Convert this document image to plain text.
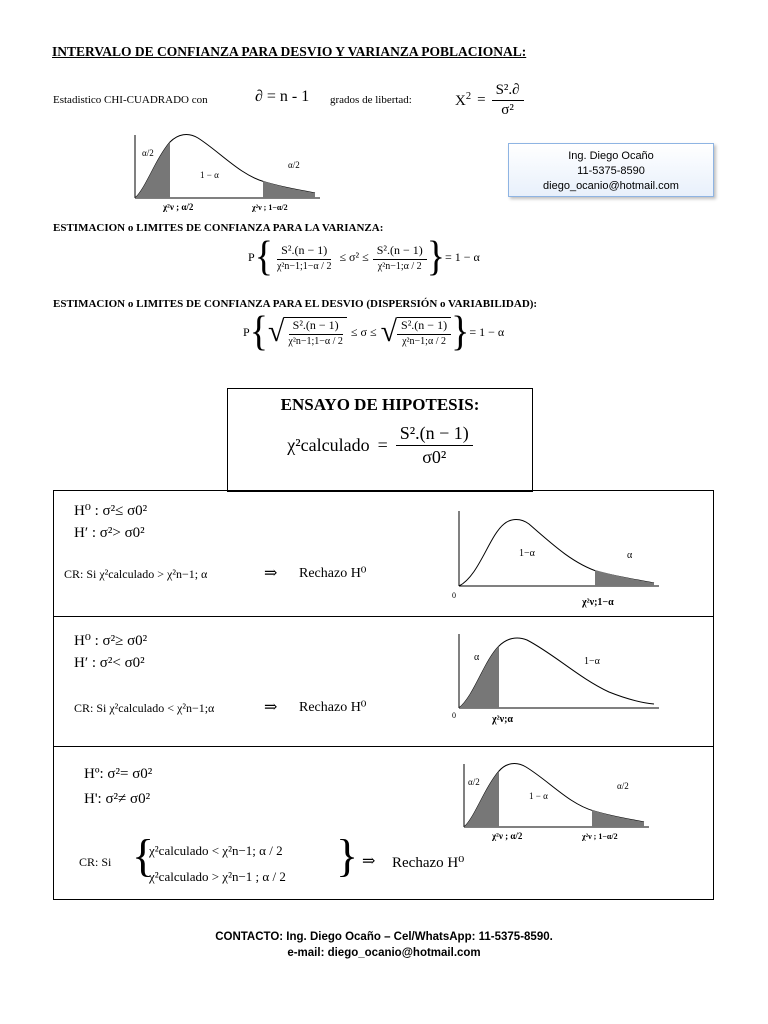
INTERVALO DE CONFIANZA PARA DESVIO Y VARIANZA POBLACIONAL:
Estadistico CHI-CUADRADO con	∂ = n - 1 grados de libertad:	$X^2 = \frac{\text{S².∂}}{\text{σ²}}$
α/2
1 − α
α/2
χ²ν ; α/2	χ²ν ; 1−α/2
Ing. Diego Ocaño
11-5375-8590
diego_ocanio@hotmail.com
ESTIMACION o LIMITES DE CONFIANZA PARA LA VARIANZA:
P { $\frac{\text{S².(n − 1)}}{\text{χ²n−1;1−α / 2}} \le \sigma^2 \le \frac{\text{S².(n − 1)}}{\text{χ²n−1;α / 2}}$ } = 1 − α
ESTIMACION o LIMITES DE CONFIANZA PARA EL DESVIO (DISPERSIÓN o VARIABILIDAD):
P { √ $\frac{\text{S².(n − 1)}}{\text{χ²n−1;1−α / 2}} \le \sigma$ ≤ √ $\frac{\text{S².(n − 1)}}{\text{χ²n−1;α / 2}}$ } = 1 − α
ENSAYO DE HIPOTESIS:
χ²calculado = $\frac{\text{S².(n − 1)}}{\text{σ0²}}$
H⁰ : σ²≤ σ0²
H′ : σ²> σ0²
CR: Si χ²calculado > χ²n−1; α	⇒ Rechazo H⁰
1−α	α
0
χ²ν;1−α
H⁰ : σ²≥ σ0²
H′ : σ²< σ0²
CR: Si χ²calculado < χ²n−1;α	⇒ Rechazo H⁰
α	1−α
0	χ²ν;α
Hº: σ²= σ0²
H': σ²≠ σ0²
CR: Si {
χ²calculado < χ²n−1; α / 2
χ²calculado > χ²n−1 ; α / 2 } ⇒ Rechazo H⁰
α/2
1 − α
α/2
χ²ν ; α/2	χ²ν ; 1−α/2
CONTACTO: Ing. Diego Ocaño – Cel/WhatsApp: 11-5375-8590.
e-mail: diego_ocanio@hotmail.com
